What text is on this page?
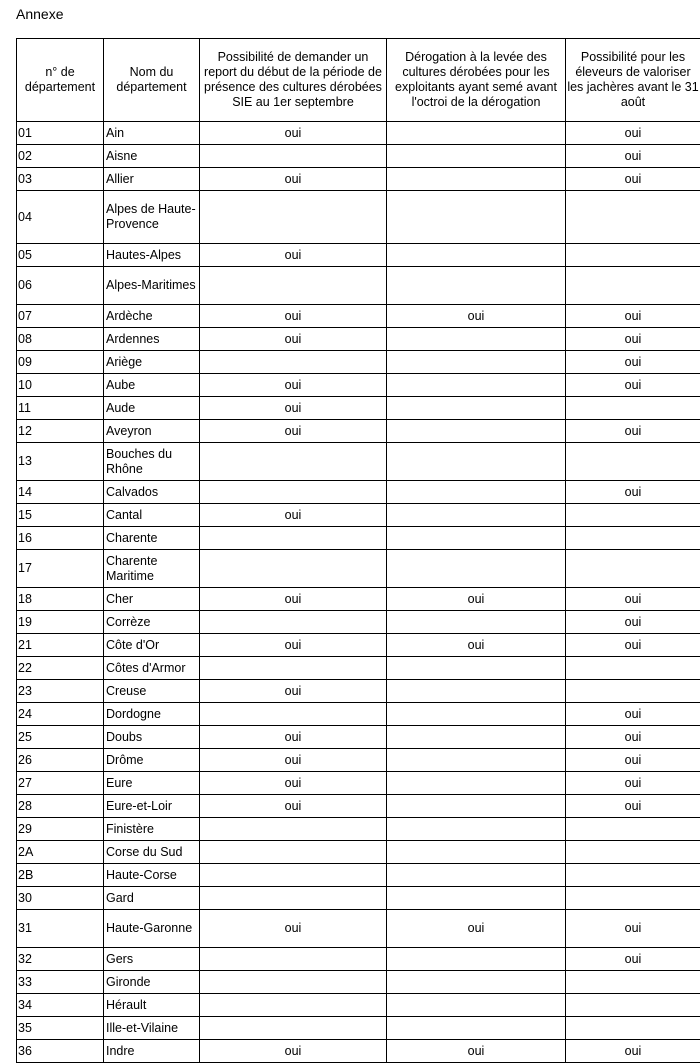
Annexe
n° de département	Nom du département	Possibilité de demander un report du début de la période de présence des cultures dérobées SIE au 1er septembre	Dérogation à la levée des cultures dérobées pour les exploitants ayant semé avant l'octroi de la dérogation	Possibilité pour les éleveurs de valoriser les jachères avant le 31 août
01	Ain	oui		oui
02	Aisne			oui
03	Allier	oui		oui
04	Alpes de Haute-Provence			
05	Hautes-Alpes	oui		
06	Alpes-Maritimes			
07	Ardèche	oui	oui	oui
08	Ardennes	oui		oui
09	Ariège			oui
10	Aube	oui		oui
11	Aude	oui		
12	Aveyron	oui		oui
13	Bouches du Rhône			
14	Calvados			oui
15	Cantal	oui		
16	Charente			
17	Charente Maritime			
18	Cher	oui	oui	oui
19	Corrèze			oui
21	Côte d'Or	oui	oui	oui
22	Côtes d'Armor			
23	Creuse	oui		
24	Dordogne			oui
25	Doubs	oui		oui
26	Drôme	oui		oui
27	Eure	oui		oui
28	Eure-et-Loir	oui		oui
29	Finistère			
2A	Corse du Sud			
2B	Haute-Corse			
30	Gard			
31	Haute-Garonne	oui	oui	oui
32	Gers			oui
33	Gironde			
34	Hérault			
35	Ille-et-Vilaine			
36	Indre	oui	oui	oui
